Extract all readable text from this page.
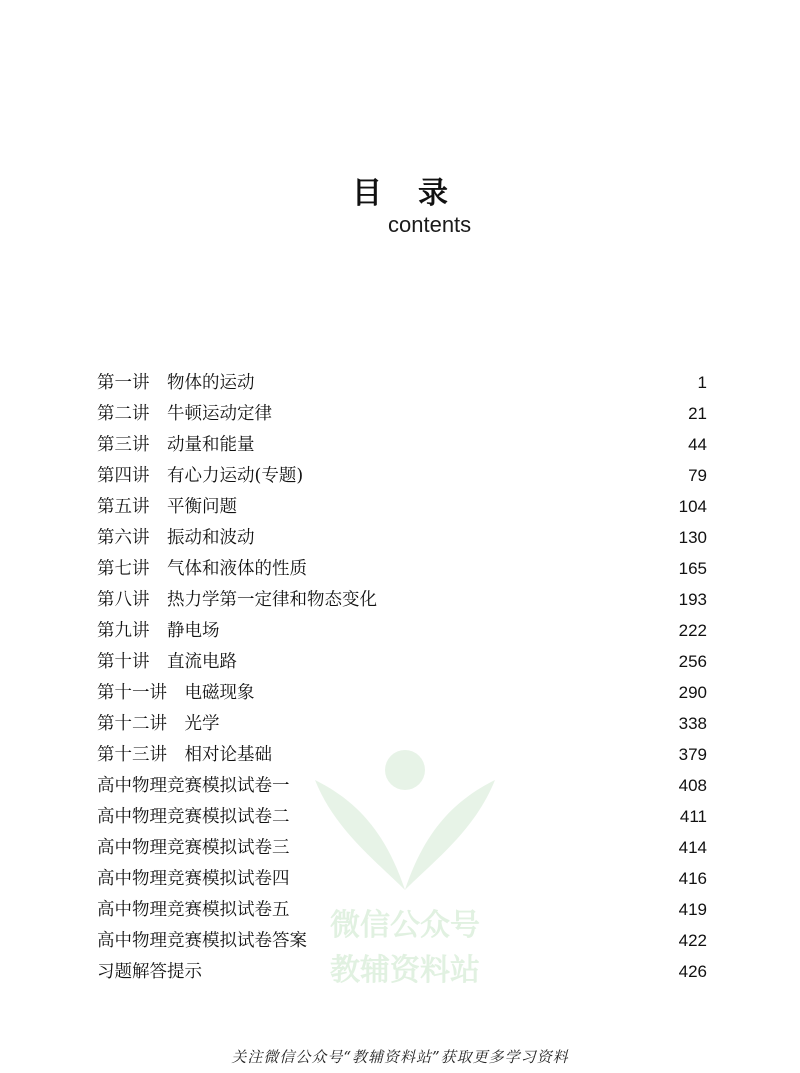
目录
contents
第一讲　物体的运动	1
第二讲　牛顿运动定律	21
第三讲　动量和能量	44
第四讲　有心力运动(专题)	79
第五讲　平衡问题	104
第六讲　振动和波动	130
第七讲　气体和液体的性质	165
第八讲　热力学第一定律和物态变化	193
第九讲　静电场	222
第十讲　直流电路	256
第十一讲　电磁现象	290
第十二讲　光学	338
第十三讲　相对论基础	379
高中物理竞赛模拟试卷一	408
高中物理竞赛模拟试卷二	411
高中物理竞赛模拟试卷三	414
高中物理竞赛模拟试卷四	416
高中物理竞赛模拟试卷五	419
高中物理竞赛模拟试卷答案	422
习题解答提示	426
微信公众号
教辅资料站
关注微信公众号“教辅资料站”获取更多学习资料
